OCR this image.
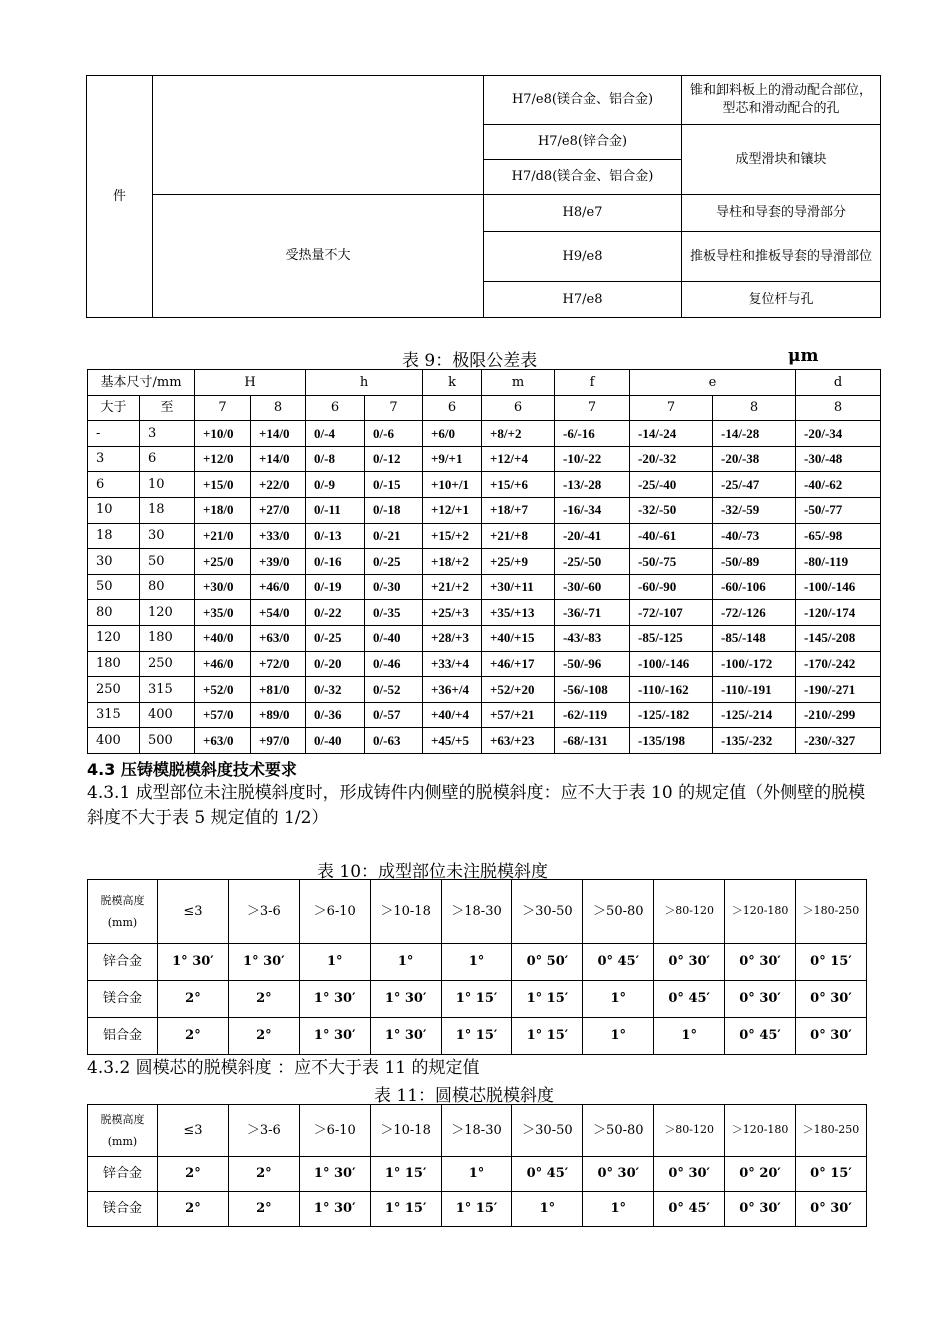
件		H7/e8(镁合金、铝合金)	锥和卸料板上的滑动配合部位，型芯和滑动配合的孔
		H7/e8(锌合金)	成型滑块和镶块
		H7/d8(镁合金、铝合金)	
	受热量不大	H8/e7	导柱和导套的导滑部分
		H9/e8	推板导柱和推板导套的导滑部位
		H7/e8	复位杆与孔
表 9：极限公差表	μm
基本尺寸/mm		H		h		k	m	f	e		d
大于	至	7	8	6	7	6	6	7	7	8	8
-	3	+10/0	+14/0	0/-4	0/-6	+6/0	+8/+2	-6/-16	-14/-24	-14/-28	-20/-34
3	6	+12/0	+14/0	0/-8	0/-12	+9/+1	+12/+4	-10/-22	-20/-32	-20/-38	-30/-48
6	10	+15/0	+22/0	0/-9	0/-15	+10+/1	+15/+6	-13/-28	-25/-40	-25/-47	-40/-62
10	18	+18/0	+27/0	0/-11	0/-18	+12/+1	+18/+7	-16/-34	-32/-50	-32/-59	-50/-77
18	30	+21/0	+33/0	0/-13	0/-21	+15/+2	+21/+8	-20/-41	-40/-61	-40/-73	-65/-98
30	50	+25/0	+39/0	0/-16	0/-25	+18/+2	+25/+9	-25/-50	-50/-75	-50/-89	-80/-119
50	80	+30/0	+46/0	0/-19	0/-30	+21/+2	+30/+11	-30/-60	-60/-90	-60/-106	-100/-146
80	120	+35/0	+54/0	0/-22	0/-35	+25/+3	+35/+13	-36/-71	-72/-107	-72/-126	-120/-174
120	180	+40/0	+63/0	0/-25	0/-40	+28/+3	+40/+15	-43/-83	-85/-125	-85/-148	-145/-208
180	250	+46/0	+72/0	0/-20	0/-46	+33/+4	+46/+17	-50/-96	-100/-146	-100/-172	-170/-242
250	315	+52/0	+81/0	0/-32	0/-52	+36+/4	+52/+20	-56/-108	-110/-162	-110/-191	-190/-271
315	400	+57/0	+89/0	0/-36	0/-57	+40/+4	+57/+21	-62/-119	-125/-182	-125/-214	-210/-299
400	500	+63/0	+97/0	0/-40	0/-63	+45/+5	+63/+23	-68/-131	-135/198	-135/-232	-230/-327
4.3 压铸模脱模斜度技术要求
4.3.1 成型部位未注脱模斜度时，形成铸件内侧壁的脱模斜度：应不大于表 10 的规定值（外侧壁的脱模斜度不大于表 5 规定值的 1/2）
表 10：成型部位未注脱模斜度
脱模高度
(mm)	≤3	＞3-6	＞6-10	＞10-18	＞18-30	＞30-50	＞50-80	＞80-120	＞120-180	＞180-250
锌合金	1° 30′	1° 30′	1°	1°	1°	0° 50′	0° 45′	0° 30′	0° 30′	0° 15′
镁合金	2°	2°	1° 30′	1° 30′	1° 15′	1° 15′	1°	0° 45′	0° 30′	0° 30′
铝合金	2°	2°	1° 30′	1° 30′	1° 15′	1° 15′	1°	1°	0° 45′	0° 30′
4.3.2 圆模芯的脱模斜度 ：应不大于表 11 的规定值
表 11：圆模芯脱模斜度
脱模高度
(mm)	≤3	＞3-6	＞6-10	＞10-18	＞18-30	＞30-50	＞50-80	＞80-120	＞120-180	＞180-250
锌合金	2°	2°	1° 30′	1° 15′	1°	0° 45′	0° 30′	0° 30′	0° 20′	0° 15′
镁合金	2°	2°	1° 30′	1° 15′	1° 15′	1°	1°	0° 45′	0° 30′	0° 30′
